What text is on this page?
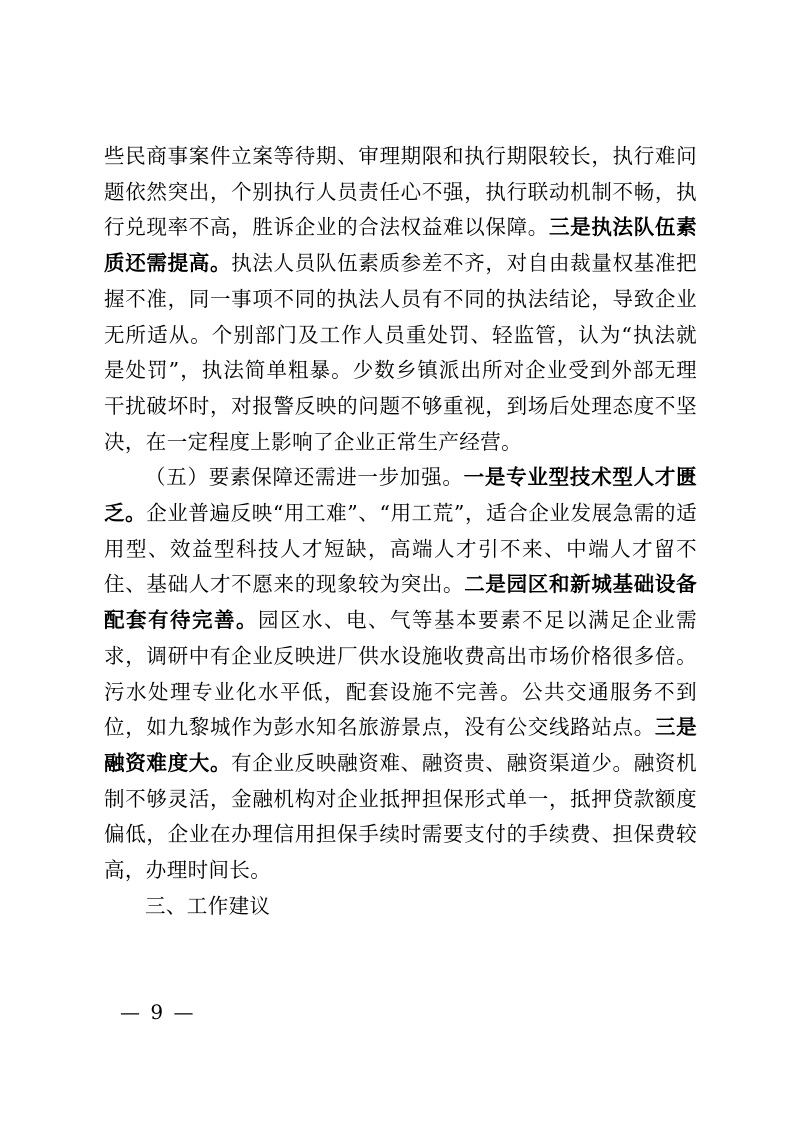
些民商事案件立案等待期、审理期限和执行期限较长，执行难问题依然突出，个别执行人员责任心不强，执行联动机制不畅，执行兑现率不高，胜诉企业的合法权益难以保障。三是执法队伍素质还需提高。执法人员队伍素质参差不齐，对自由裁量权基准把握不准，同一事项不同的执法人员有不同的执法结论，导致企业无所适从。个别部门及工作人员重处罚、轻监管，认为“执法就是处罚”，执法简单粗暴。少数乡镇派出所对企业受到外部无理干扰破坏时，对报警反映的问题不够重视，到场后处理态度不坚决，在一定程度上影响了企业正常生产经营。

（五）要素保障还需进一步加强。一是专业型技术型人才匮乏。企业普遍反映“用工难”、“用工荒”，适合企业发展急需的适用型、效益型科技人才短缺，高端人才引不来、中端人才留不住、基础人才不愿来的现象较为突出。二是园区和新城基础设备配套有待完善。园区水、电、气等基本要素不足以满足企业需求，调研中有企业反映进厂供水设施收费高出市场价格很多倍。污水处理专业化水平低，配套设施不完善。公共交通服务不到位，如九黎城作为彭水知名旅游景点，没有公交线路站点。三是融资难度大。有企业反映融资难、融资贵、融资渠道少。融资机制不够灵活，金融机构对企业抵押担保形式单一，抵押贷款额度偏低，企业在办理信用担保手续时需要支付的手续费、担保费较高，办理时间长。

三、工作建议

— 9 —
